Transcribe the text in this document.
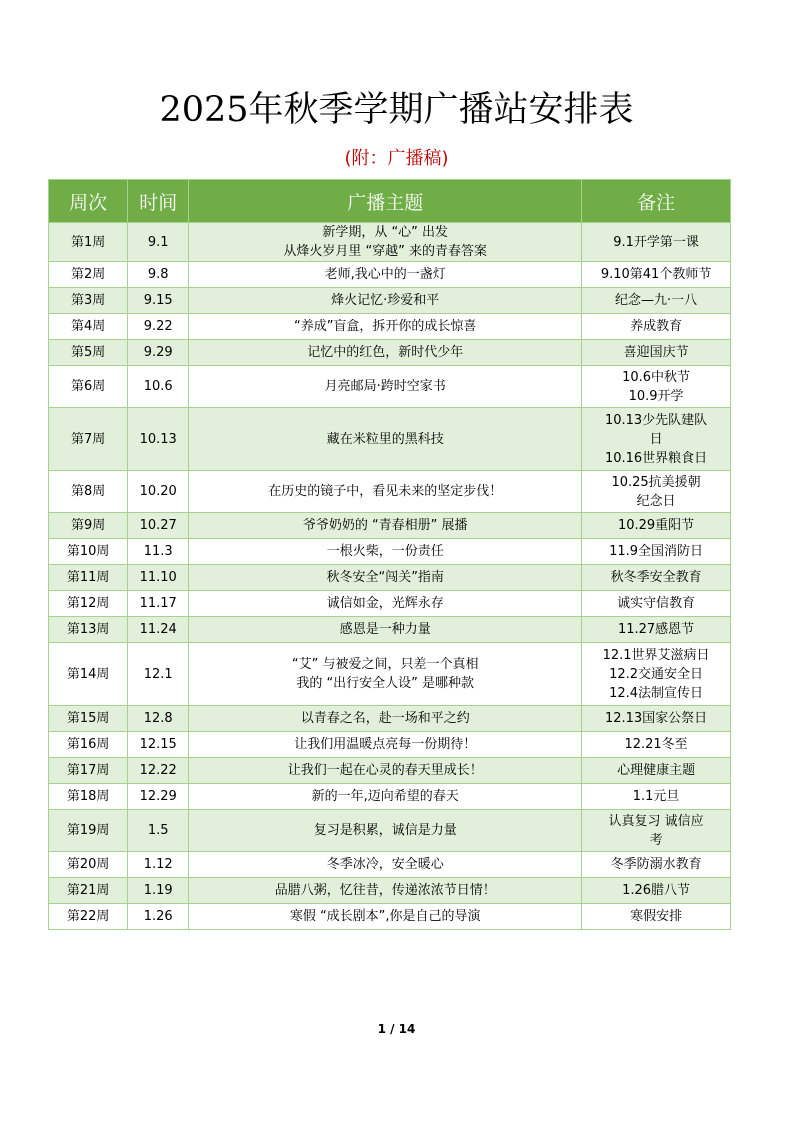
2025年秋季学期广播站安排表
(附：广播稿)
周次	时间	广播主题	备注
第1周	9.1	新学期，从 “心” 出发
从烽火岁月里 “穿越” 来的青春答案	9.1开学第一课

第2周	9.8	老师,我心中的一盏灯	9.10第41个教师节

第3周	9.15	烽火记忆·珍爱和平	纪念—九·一八

第4周	9.22	“养成”盲盒，拆开你的成长惊喜	养成教育

第5周	9.29	记忆中的红色，新时代少年	喜迎国庆节

第6周	10.6	月亮邮局·跨时空家书	10.6中秋节
10.9开学

第7周	10.13	藏在米粒里的黑科技	10.13少先队建队
日
10.16世界粮食日

第8周	10.20	在历史的镜子中，看见未来的坚定步伐！	10.25抗美援朝
纪念日

第9周	10.27	爷爷奶奶的 “青春相册” 展播	10.29重阳节

第10周	11.3	一根火柴，一份责任	11.9全国消防日

第11周	11.10	秋冬安全“闯关”指南	秋冬季安全教育

第12周	11.17	诚信如金，光辉永存	诚实守信教育

第13周	11.24	感恩是一种力量	11.27感恩节

第14周	12.1	“艾” 与被爱之间，只差一个真相
我的 “出行安全人设” 是哪种款	12.1世界艾滋病日
12.2交通安全日
12.4法制宣传日

第15周	12.8	以青春之名，赴一场和平之约	12.13国家公祭日

第16周	12.15	让我们用温暖点亮每一份期待！	12.21冬至

第17周	12.22	让我们一起在心灵的春天里成长！	心理健康主题

第18周	12.29	新的一年,迈向希望的春天	1.1元旦

第19周	1.5	复习是积累，诚信是力量	认真复习 诚信应
考

第20周	1.12	冬季冰冷，安全暖心	冬季防溺水教育

第21周	1.19	品腊八粥，忆往昔，传递浓浓节日情！	1.26腊八节

第22周	1.26	寒假 “成长剧本”,你是自己的导演	寒假安排
1 / 14
